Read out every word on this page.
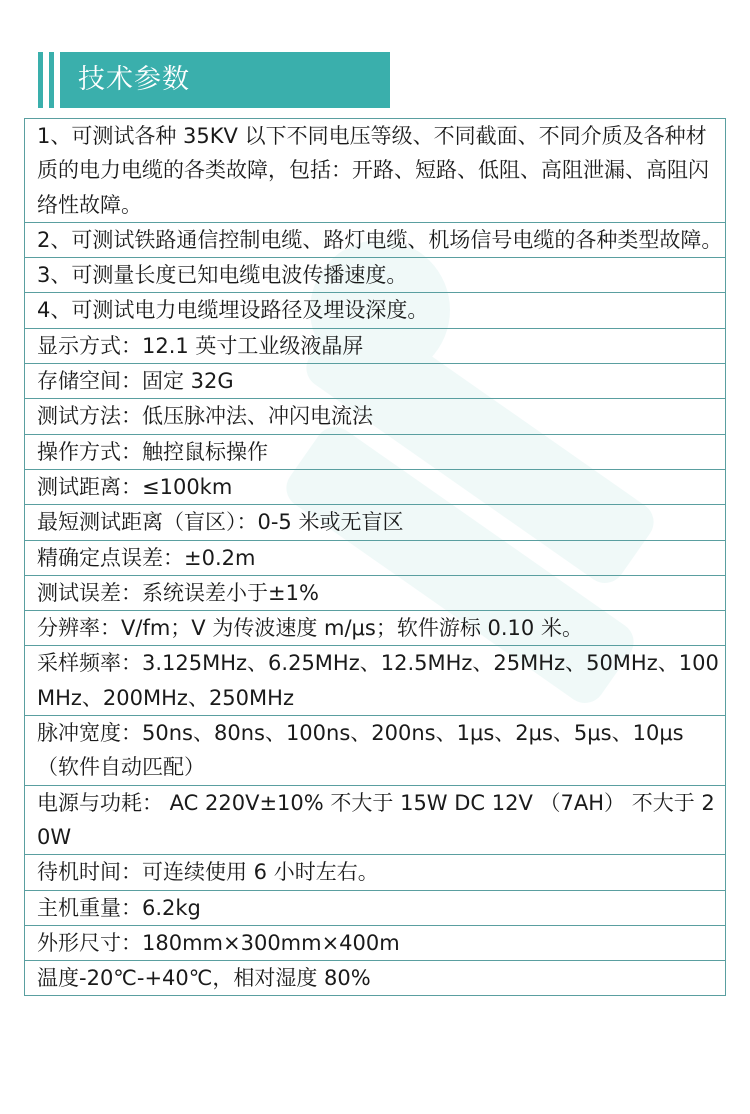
技术参数
1、可测试各种 35KV 以下不同电压等级、不同截面、不同介质及各种材质的电力电缆的各类故障，包括：开路、短路、低阻、高阻泄漏、高阻闪络性故障。
2、可测试铁路通信控制电缆、路灯电缆、机场信号电缆的各种类型故障。
3、可测量长度已知电缆电波传播速度。
4、可测试电力电缆埋设路径及埋设深度。
显示方式：12.1 英寸工业级液晶屏
存储空间：固定 32G
测试方法：低压脉冲法、冲闪电流法
操作方式：触控鼠标操作
测试距离：≤100km
最短测试距离（盲区）：0-5 米或无盲区
精确定点误差：±0.2m
测试误差：系统误差小于±1%
分辨率：V/fm；V 为传波速度 m/μs；软件游标 0.10 米。
采样频率：3.125MHz、6.25MHz、12.5MHz、25MHz、50MHz、100MHz、200MHz、250MHz
脉冲宽度：50ns、80ns、100ns、200ns、1μs、2μs、5μs、10μs（软件自动匹配）
电源与功耗： AC 220V±10% 不大于 15W DC 12V （7AH） 不大于 20W
待机时间：可连续使用 6 小时左右。
主机重量：6.2kg
外形尺寸：180mm×300mm×400m
温度-20℃-+40℃，相对湿度 80%
